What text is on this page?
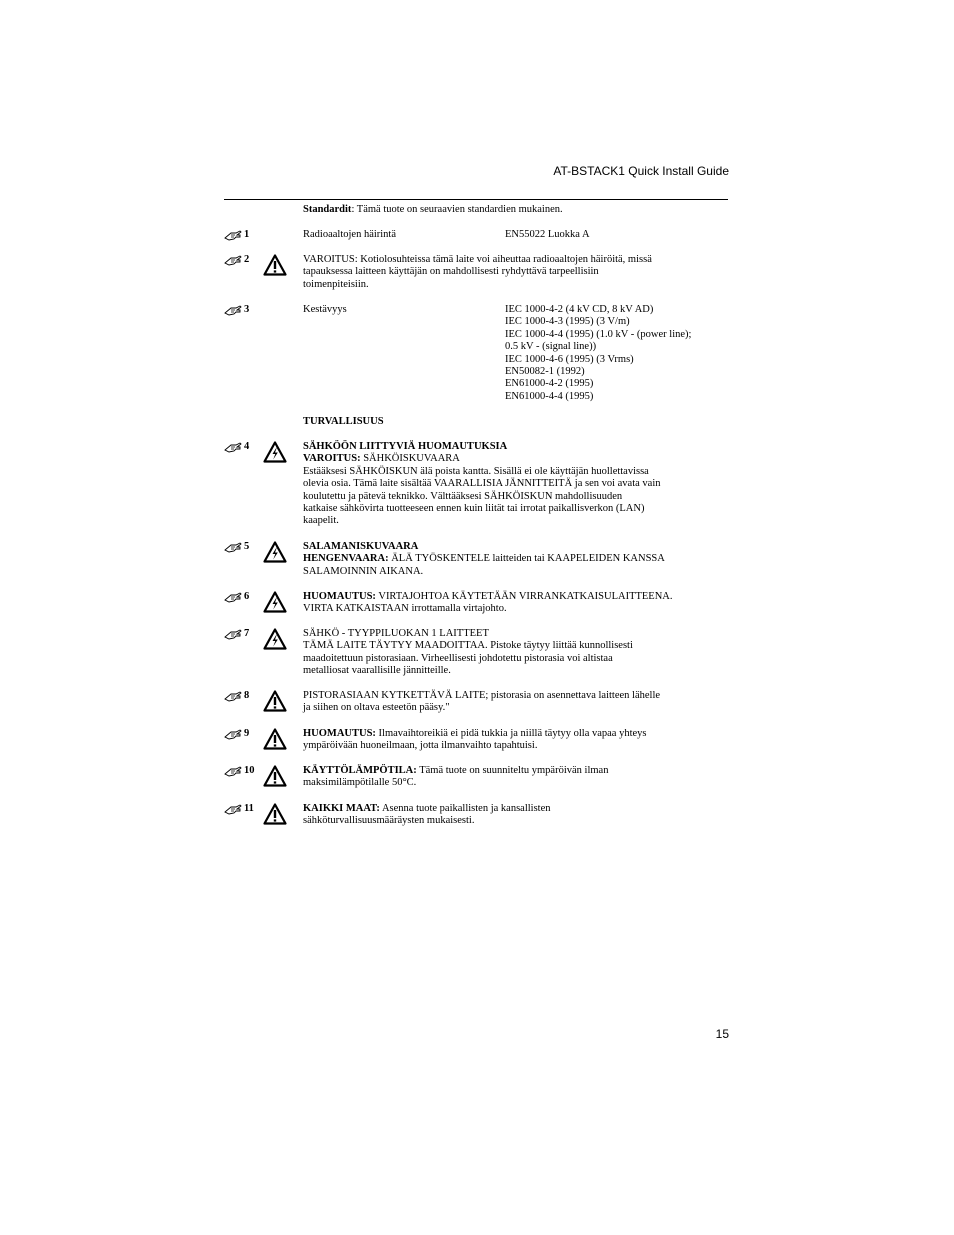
AT-BSTACK1 Quick Install Guide
Standardit: Tämä tuote on seuraavien standardien mukainen.
1	Radioaaltojen häirintä	EN55022 Luokka A
2	VAROITUS: Kotiolosuhteissa tämä laite voi aiheuttaa radioaaltojen häiröitä, missä
tapauksessa laitteen käyttäjän on mahdollisesti ryhdyttävä tarpeellisiin
toimenpiteisiin.
3	Kestävyys	IEC 1000-4-2 (4 kV CD, 8 kV AD)
IEC 1000-4-3 (1995) (3 V/m)
IEC 1000-4-4 (1995) (1.0 kV - (power line);
0.5 kV - (signal line))
IEC 1000-4-6 (1995) (3 Vrms)
EN50082-1 (1992)
EN61000-4-2 (1995)
EN61000-4-4 (1995)
TURVALLISUUS
4	SÄHKÖÖN LIITTYVIÄ HUOMAUTUKSIA
VAROITUS: SÄHKÖISKUVAARA
Estääksesi SÄHKÖISKUN älä poista kantta. Sisällä ei ole käyttäjän huollettavissa
olevia osia. Tämä laite sisältää VAARALLISIA JÄNNITTEITÄ ja sen voi avata vain
koulutettu ja pätevä teknikko. Välttääksesi SÄHKÖISKUN mahdollisuuden
katkaise sähkövirta tuotteeseen ennen kuin liität tai irrotat paikallisverkon (LAN)
kaapelit.
5	SALAMANISKUVAARA
HENGENVAARA: ÄLÄ TYÖSKENTELE laitteiden tai KAAPELEIDEN KANSSA
SALAMOINNIN AIKANA.
6	HUOMAUTUS: VIRTAJOHTOA KÄYTETÄÄN VIRRANKATKAISULAITTEENA.
VIRTA KATKAISTAAN irrottamalla virtajohto.
7	SÄHKÖ - TYYPPILUOKAN 1 LAITTEET
TÄMÄ LAITE TÄYTYY MAADOITTAA. Pistoke täytyy liittää kunnollisesti
maadoitettuun pistorasiaan. Virheellisesti johdotettu pistorasia voi altistaa
metalliosat vaarallisille jännitteille.
8	PISTORASIAAN KYTKETTÄVÄ LAITE; pistorasia on asennettava laitteen lähelle
ja siihen on oltava esteetön pääsy."
9	HUOMAUTUS: Ilmavaihtoreikiä ei pidä tukkia ja niillä täytyy olla vapaa yhteys
ympäröivään huoneilmaan, jotta ilmanvaihto tapahtuisi.
10	KÄYTTÖLÄMPÖTILA: Tämä tuote on suunniteltu ympäröivän ilman
maksimilämpötilalle 50°C.
11	KAIKKI MAAT: Asenna tuote paikallisten ja kansallisten
sähköturvallisuusmääräysten mukaisesti.
15
